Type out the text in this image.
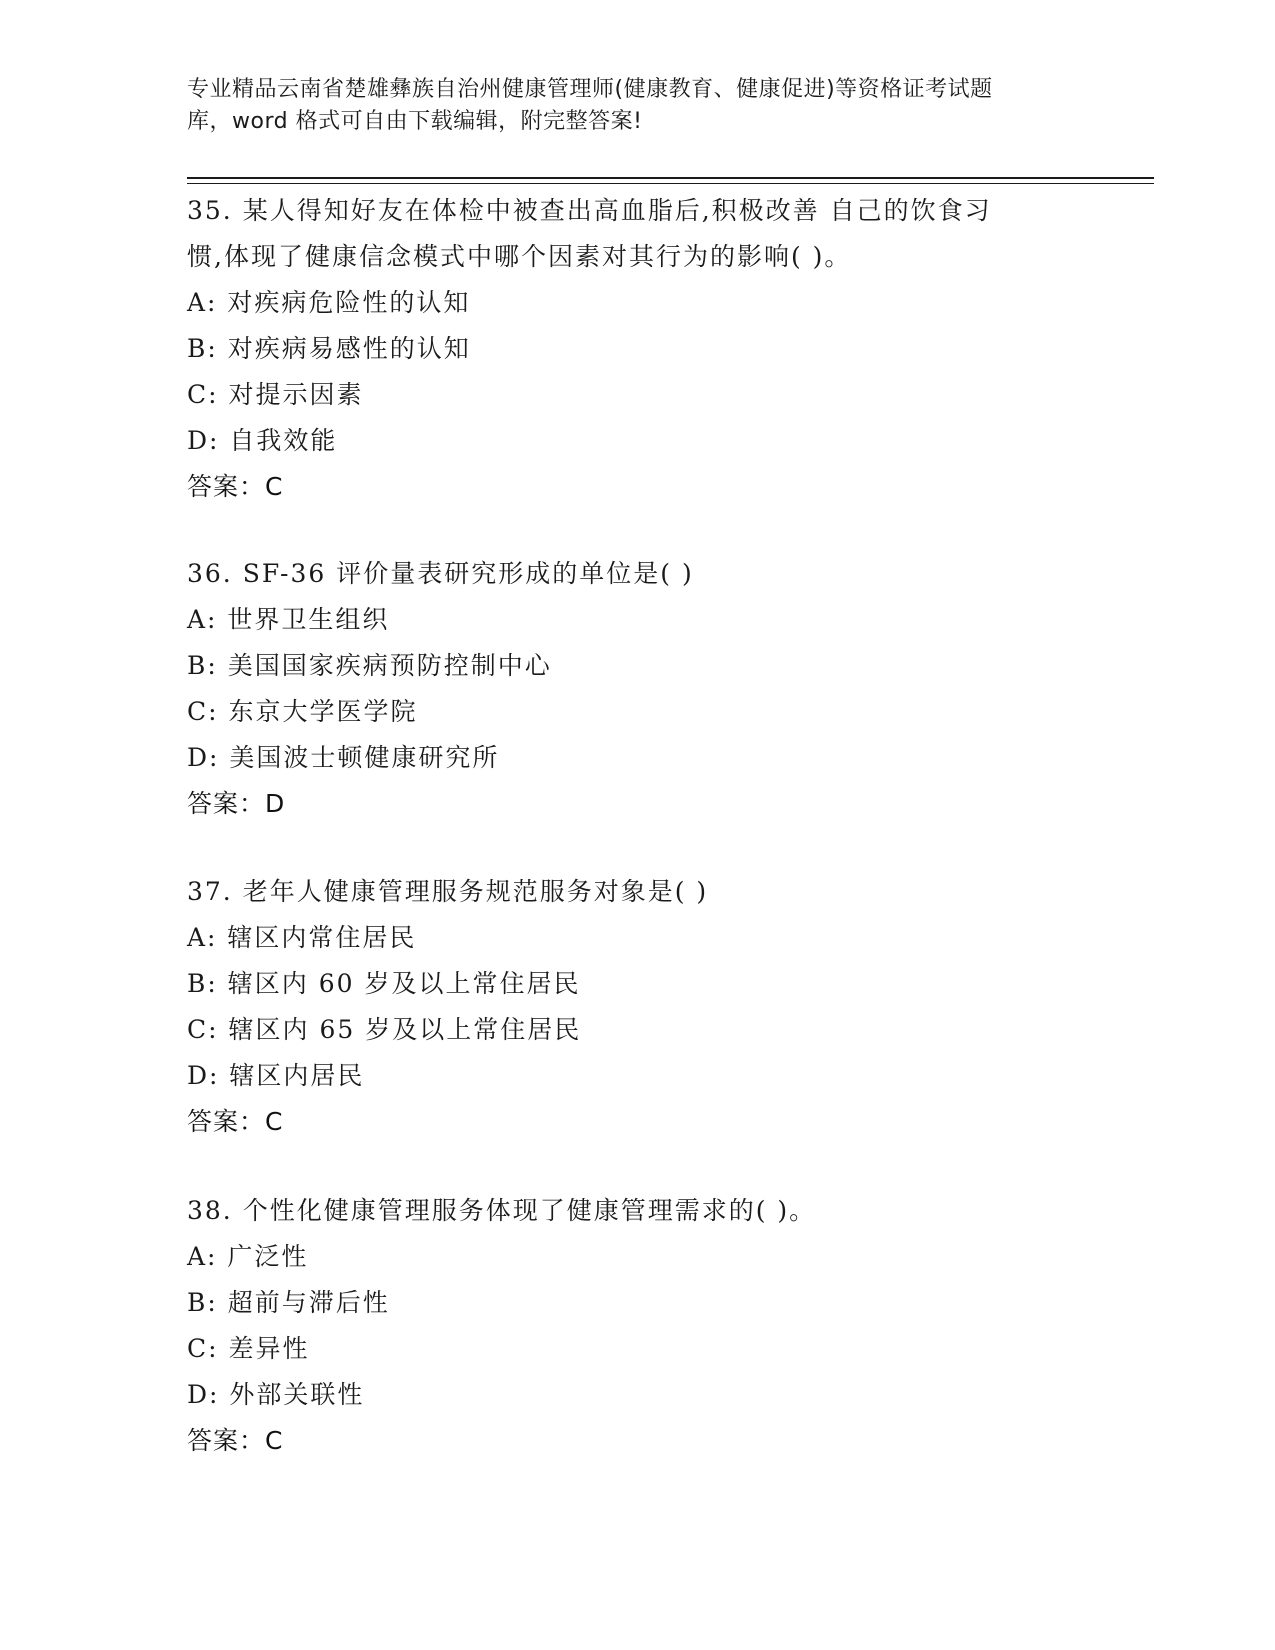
专业精品云南省楚雄彝族自治州健康管理师(健康教育、健康促进)等资格证考试题
库，word 格式可自由下载编辑，附完整答案!
35. 某人得知好友在体检中被查出高血脂后,积极改善 自己的饮食习
惯,体现了健康信念模式中哪个因素对其行为的影响( )。
A: 对疾病危险性的认知
B: 对疾病易感性的认知
C: 对提示因素
D: 自我效能
答案：C
36. SF-36 评价量表研究形成的单位是( )
A: 世界卫生组织
B: 美国国家疾病预防控制中心
C: 东京大学医学院
D: 美国波士顿健康研究所
答案：D
37. 老年人健康管理服务规范服务对象是( )
A: 辖区内常住居民
B: 辖区内 60 岁及以上常住居民
C: 辖区内 65 岁及以上常住居民
D: 辖区内居民
答案：C
38. 个性化健康管理服务体现了健康管理需求的( )。
A: 广泛性
B: 超前与滞后性
C: 差异性
D: 外部关联性
答案：C
